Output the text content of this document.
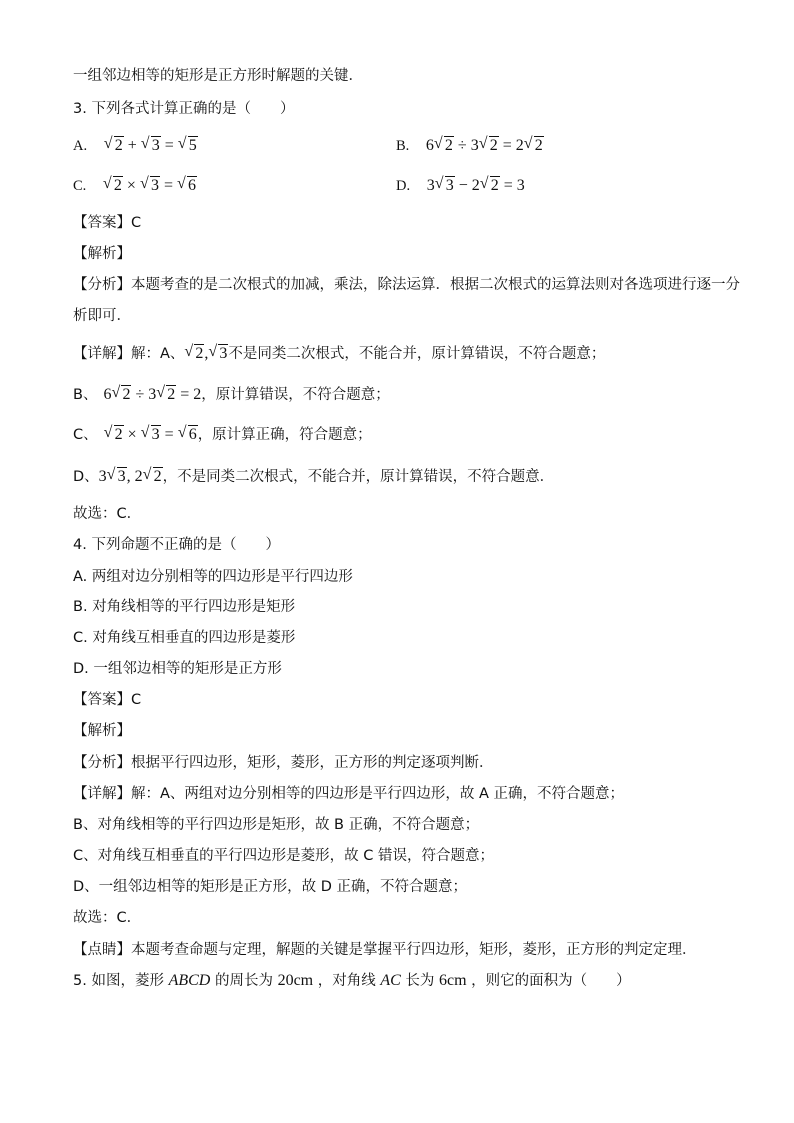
一组邻边相等的矩形是正方形时解题的关键．
3. 下列各式计算正确的是（　　）
A. √ 2 + √ 3 = √ 5	B. 6 √ 2 ÷ 3 √ 2 = 2 √ 2
C. √ 2 × √ 3 = √ 6	D. 3 √ 3 − 2 √ 2 = 3
【答案】C
【解析】
【分析】本题考查的是二次根式的加减，乘法，除法运算．根据二次根式的运算法则对各选项进行逐一分
析即可．
【详解】解：A、 √ 2, √ 3不是同类二次根式，不能合并，原计算错误，不符合题意；
B、 6 √ 2 ÷ 3 √ 2 = 2，原计算错误，不符合题意；
C、 √ 2 × √ 3 = √ 6，原计算正确，符合题意；
D、3 √ 3, 2 √ 2，不是同类二次根式，不能合并，原计算错误，不符合题意．
故选：C．
4. 下列命题不正确的是（　　）
A. 两组对边分别相等的四边形是平行四边形
B. 对角线相等的平行四边形是矩形
C. 对角线互相垂直的四边形是菱形
D. 一组邻边相等的矩形是正方形
【答案】C
【解析】
【分析】根据平行四边形，矩形，菱形，正方形的判定逐项判断．
【详解】解：A、两组对边分别相等的四边形是平行四边形，故 A 正确，不符合题意；
B、对角线相等的平行四边形是矩形，故 B 正确，不符合题意；
C、对角线互相垂直的平行四边形是菱形，故 C 错误，符合题意；
D、一组邻边相等的矩形是正方形，故 D 正确，不符合题意；
故选：C．
【点睛】本题考查命题与定理，解题的关键是掌握平行四边形，矩形，菱形，正方形的判定定理．
5. 如图，菱形 ABCD 的周长为 20cm ，对角线 AC 长为 6cm ，则它的面积为（　　）
